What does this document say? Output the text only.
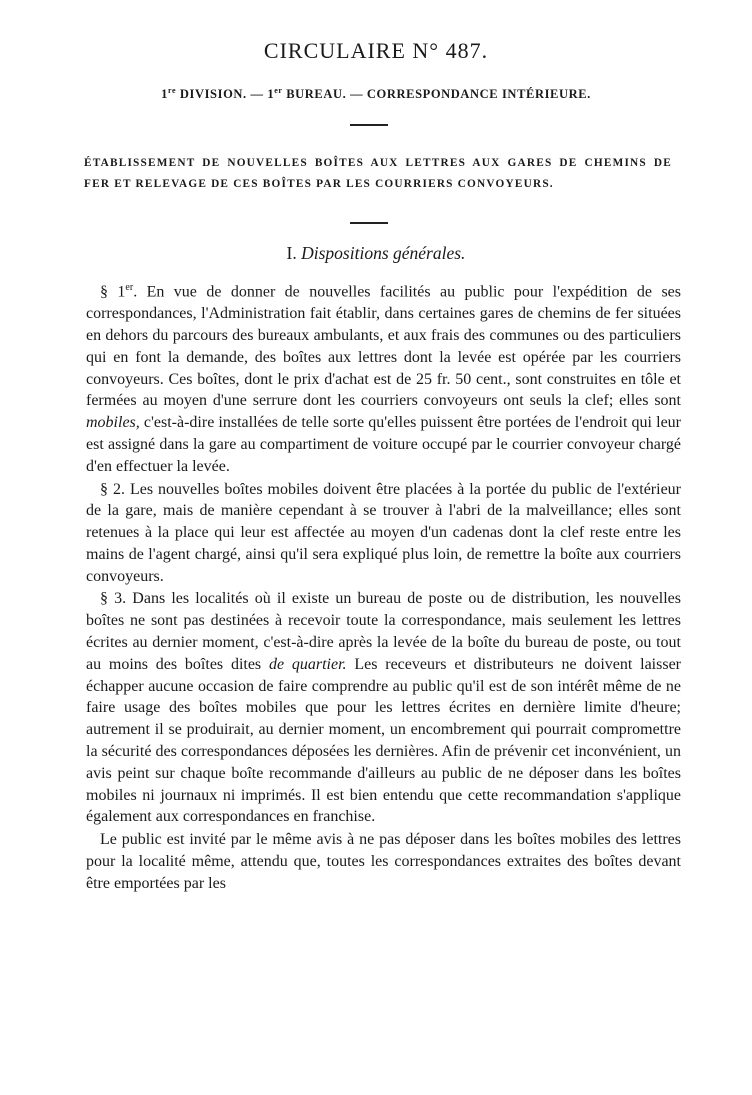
CIRCULAIRE N° 487.
1re DIVISION. — 1er BUREAU. — CORRESPONDANCE INTÉRIEURE.
ÉTABLISSEMENT DE NOUVELLES BOÎTES AUX LETTRES AUX GARES DE CHEMINS DE FER ET RELEVAGE DE CES BOÎTES PAR LES COURRIERS CONVOYEURS.
I. Dispositions générales.

§ 1er. En vue de donner de nouvelles facilités au public pour l'expédition de ses correspondances, l'Administration fait établir, dans certaines gares de chemins de fer situées en dehors du parcours des bureaux ambulants, et aux frais des communes ou des particuliers qui en font la demande, des boîtes aux lettres dont la levée est opérée par les courriers convoyeurs. Ces boîtes, dont le prix d'achat est de 25 fr. 50 cent., sont construites en tôle et fermées au moyen d'une serrure dont les courriers convoyeurs ont seuls la clef; elles sont mobiles, c'est-à-dire installées de telle sorte qu'elles puissent être portées de l'endroit qui leur est assigné dans la gare au compartiment de voiture occupé par le courrier convoyeur chargé d'en effectuer la levée.

§ 2. Les nouvelles boîtes mobiles doivent être placées à la portée du public de l'extérieur de la gare, mais de manière cependant à se trouver à l'abri de la malveillance; elles sont retenues à la place qui leur est affectée au moyen d'un cadenas dont la clef reste entre les mains de l'agent chargé, ainsi qu'il sera expliqué plus loin, de remettre la boîte aux courriers convoyeurs.

§ 3. Dans les localités où il existe un bureau de poste ou de distribution, les nouvelles boîtes ne sont pas destinées à recevoir toute la correspondance, mais seulement les lettres écrites au dernier moment, c'est-à-dire après la levée de la boîte du bureau de poste, ou tout au moins des boîtes dites de quartier. Les receveurs et distributeurs ne doivent laisser échapper aucune occasion de faire comprendre au public qu'il est de son intérêt même de ne faire usage des boîtes mobiles que pour les lettres écrites en dernière limite d'heure; autrement il se produirait, au dernier moment, un encombrement qui pourrait compromettre la sécurité des correspondances déposées les dernières. Afin de prévenir cet inconvénient, un avis peint sur chaque boîte recommande d'ailleurs au public de ne déposer dans les boîtes mobiles ni journaux ni imprimés. Il est bien entendu que cette recommandation s'applique également aux correspondances en franchise.

Le public est invité par le même avis à ne pas déposer dans les boîtes mobiles des lettres pour la localité même, attendu que, toutes les correspondances extraites des boîtes devant être emportées par les
